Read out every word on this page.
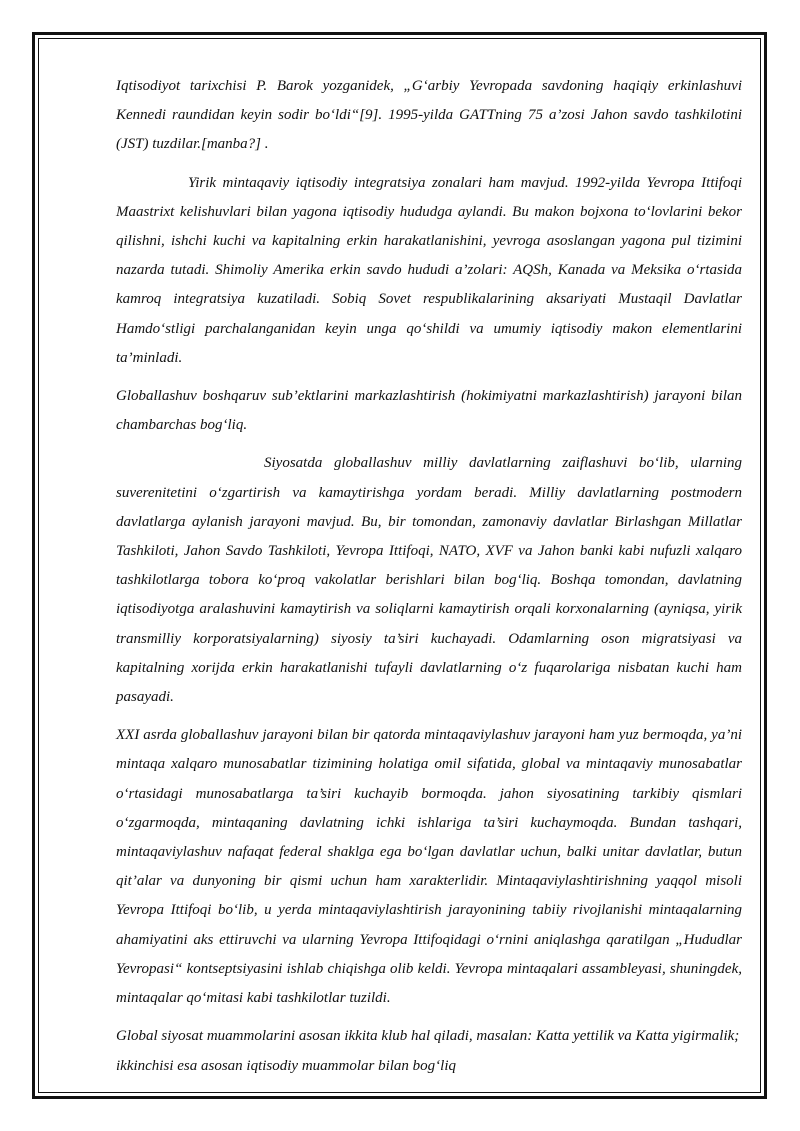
Iqtisodiyot tarixchisi P. Barok yozganidek, „G‘arbiy Yevropada savdoning haqiqiy erkinlashuvi Kennedi raundidan keyin sodir bo‘ldi“[9]. 1995-yilda GATTning 75 a’zosi Jahon savdo tashkilotini (JST) tuzdilar.[manba?] .

Yirik mintaqaviy iqtisodiy integratsiya zonalari ham mavjud. 1992-yilda Yevropa Ittifoqi Maastrixt kelishuvlari bilan yagona iqtisodiy hududga aylandi. Bu makon bojxona to‘lovlarini bekor qilishni, ishchi kuchi va kapitalning erkin harakatlanishini, yevroga asoslangan yagona pul tizimini nazarda tutadi. Shimoliy Amerika erkin savdo hududi a’zolari: AQSh, Kanada va Meksika o‘rtasida kamroq integratsiya kuzatiladi. Sobiq Sovet respublikalarining aksariyati Mustaqil Davlatlar Hamdo‘stligi parchalanganidan keyin unga qo‘shildi va umumiy iqtisodiy makon elementlarini ta’minladi.

Globallashuv boshqaruv sub’ektlarini markazlashtirish (hokimiyatni markazlashtirish) jarayoni bilan chambarchas bog‘liq.

Siyosatda globallashuv milliy davlatlarning zaiflashuvi bo‘lib, ularning suverenitetini o‘zgartirish va kamaytirishga yordam beradi. Milliy davlatlarning postmodern davlatlarga aylanish jarayoni mavjud. Bu, bir tomondan, zamonaviy davlatlar Birlashgan Millatlar Tashkiloti, Jahon Savdo Tashkiloti, Yevropa Ittifoqi, NATO, XVF va Jahon banki kabi nufuzli xalqaro tashkilotlarga tobora ko‘proq vakolatlar berishlari bilan bog‘liq. Boshqa tomondan, davlatning iqtisodiyotga aralashuvini kamaytirish va soliqlarni kamaytirish orqali korxonalarning (ayniqsa, yirik transmilliy korporatsiyalarning) siyosiy ta’siri kuchayadi. Odamlarning oson migratsiyasi va kapitalning xorijda erkin harakatlanishi tufayli davlatlarning o‘z fuqarolariga nisbatan kuchi ham pasayadi.

XXI asrda globallashuv jarayoni bilan bir qatorda mintaqaviylashuv jarayoni ham yuz bermoqda, ya’ni mintaqa xalqaro munosabatlar tizimining holatiga omil sifatida, global va mintaqaviy munosabatlar o‘rtasidagi munosabatlarga ta’siri kuchayib bormoqda. jahon siyosatining tarkibiy qismlari o‘zgarmoqda, mintaqaning davlatning ichki ishlariga ta’siri kuchaymoqda. Bundan tashqari, mintaqaviylashuv nafaqat federal shaklga ega bo‘lgan davlatlar uchun, balki unitar davlatlar, butun qit’alar va dunyoning bir qismi uchun ham xarakterlidir. Mintaqaviylashtirishning yaqqol misoli Yevropa Ittifoqi bo‘lib, u yerda mintaqaviylashtirish jarayonining tabiiy rivojlanishi mintaqalarning ahamiyatini aks ettiruvchi va ularning Yevropa Ittifoqidagi o‘rnini aniqlashga qaratilgan „Hududlar Yevropasi“ kontseptsiyasini ishlab chiqishga olib keldi. Yevropa mintaqalari assambleyasi, shuningdek, mintaqalar qo‘mitasi kabi tashkilotlar tuzildi.

Global siyosat muammolarini asosan ikkita klub hal qiladi, masalan: Katta yettilik va Katta yigirmalik; ikkinchisi esa asosan iqtisodiy muammolar bilan bog‘liq
